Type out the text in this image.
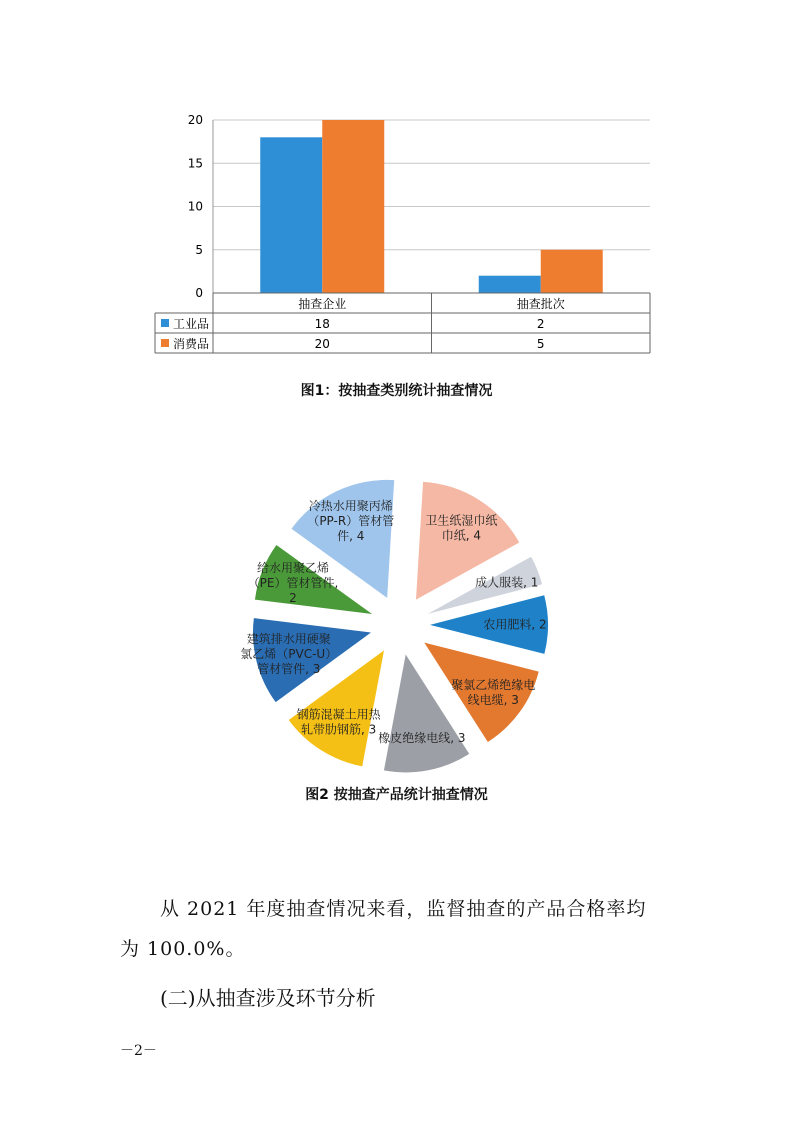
0
5
10
15
20
抽查企业	抽查批次
工业品	18	2
消费品	20	5
图1：按抽查类别统计抽查情况
卫生纸湿巾纸
巾纸, 4
成人服装, 1
农用肥料, 2
聚氯乙烯绝缘电
线电缆, 3
橡皮绝缘电线, 3
钢筋混凝土用热
轧带肋钢筋, 3
建筑排水用硬聚
氯乙烯（PVC-U）
管材管件, 3
给水用聚乙烯
（PE）管材管件,
2
冷热水用聚丙烯
（PP-R）管材管
件, 4
图2 按抽查产品统计抽查情况
从 2021 年度抽查情况来看，监督抽查的产品合格率均
为 100.0%。
(二)从抽查涉及环节分析
－2－
